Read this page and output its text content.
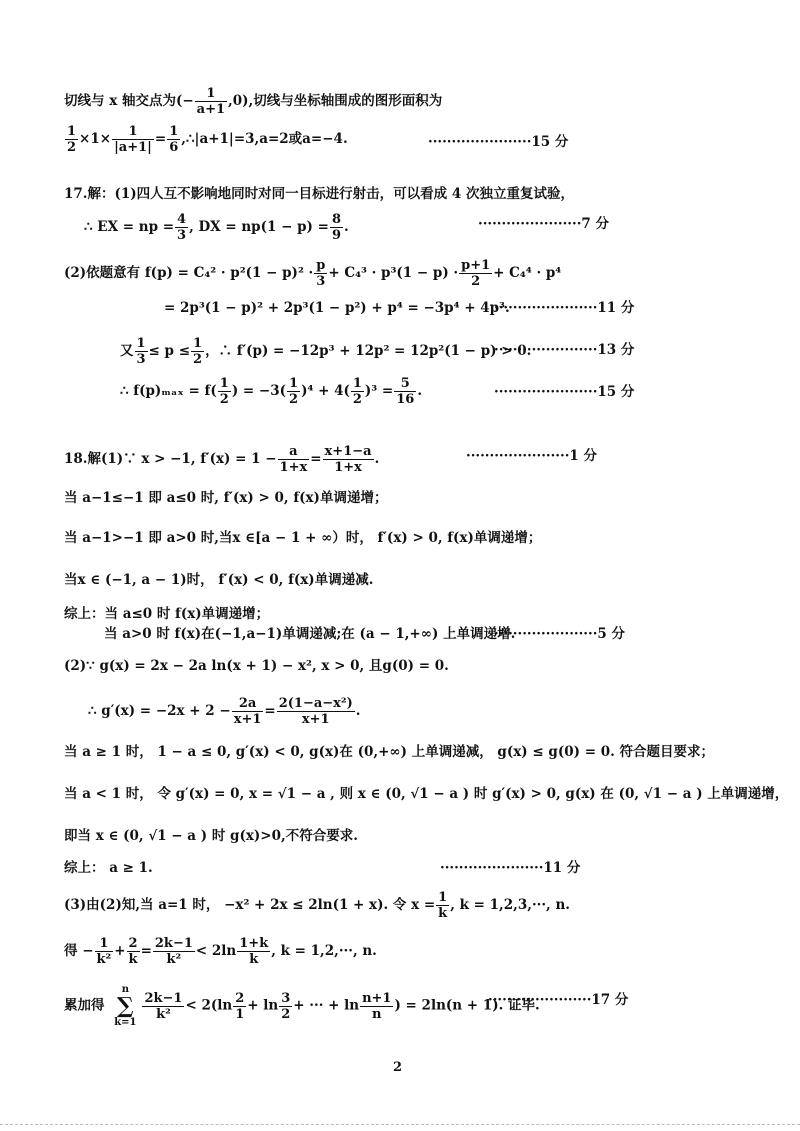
切线与 x 轴交点为(− $\frac{1}{a+1} ,0$),切线与坐标轴围成的图形面积为
$\frac{1}{2} \times 1\times \frac{1}{|a+1|} = \frac{1}{6}$ ,∴|a+1|=3,a=2或a=−4.	······················15 分
17.解：(1)四人互不影响地同时对同一目标进行射击，可以看成 4 次独立重复试验，
∴ EX = np = $\frac{4}{3}$ , DX = $np(1 - p) = \frac{8}{9}$ .	······················7 分
(2)依题意有 $f(p) = C_4^2 \cdot p^2(1 - p)^2 \cdot \frac{p}{3} + C_4^3 \cdot p^3(1 - p) \cdot \frac{p+1}{2} + C_4^4 \cdot p^4$
= 2p³(1 − p)² + 2p³(1 − p²) + p⁴ = −3p⁴ + 4p³.
······················11 分
又 $\frac{1}{3} \le p \le \frac{1}{2}$ ，∴ f′(p) = −12p³ + 12p² = 12p²(1 − p) > 0.
······················13 分
∴ $f(p)_{max} = f( \frac{1}{2}$ ) = $-3( \frac{1}{2} )^4 + 4( \frac{1}{2} )^3 = \frac{5}{16}$ .	······················15 分
18.解(1)∵ x > −1, $f'(x) = 1 - \frac{a}{1+x} = \frac{x+1-a}{1+x}$ .	······················1 分
当 a−1≤−1 即 a≤0 时, f′(x) > 0, f(x)单调递增；
当 a−1>−1 即 a>0 时,当x ∈[a − 1 + ∞）时， f′(x) > 0, f(x)单调递增；
当x ∈ (−1, a − 1)时， f′(x) < 0, f(x)单调递减.
综上：当 a≤0 时 f(x)单调递增；
当 a>0 时 f(x)在(−1,a−1)单调递减;在 (a − 1,+∞) 上单调递增.
······················5 分
(2)∵ g(x) = 2x − 2a ln(x + 1) − x², x > 0, 且g(0) = 0.
∴ $g'(x) = -2x + 2 - \frac{2a}{x+1} = \frac{\text{2(1−a−x²)}}{x+1}$ .
当 a ≥ 1 时， 1 − a ≤ 0, g′(x) < 0, g(x)在 (0,+∞) 上单调递减， g(x) ≤ g(0) = 0. 符合题目要求；
当 a < 1 时， 令 g′(x) = 0, x = √1 − a , 则 x ∈ (0, √1 − a ) 时 g′(x) > 0, g(x) 在 (0, √1 − a ) 上单调递增，
即当 x ∈ (0, √1 − a ) 时 g(x)>0,不符合要求.
综上： a ≥ 1.	······················11 分
(3)由(2)知,当 a=1 时， −x² + 2x ≤ 2ln(1 + x). 令 $x = \frac{1}{k}$ , k = 1,2,3,···, n.
得 − $\frac{1}{\text{k²}} + \frac{2}{k} = \frac{2k-1}{\text{k²}} < 2\ln \frac{1+k}{k}$ , k = 1,2,···, n.
累加得
n
∑
k=1
$\frac{2k-1}{\text{k²}} < 2(\ln \frac{2}{1} + \ln \frac{3}{2}$ + ··· + $\ln \frac{n+1}{n}$ ) = 2ln(n + 1). 证毕.
······················17 分
2
